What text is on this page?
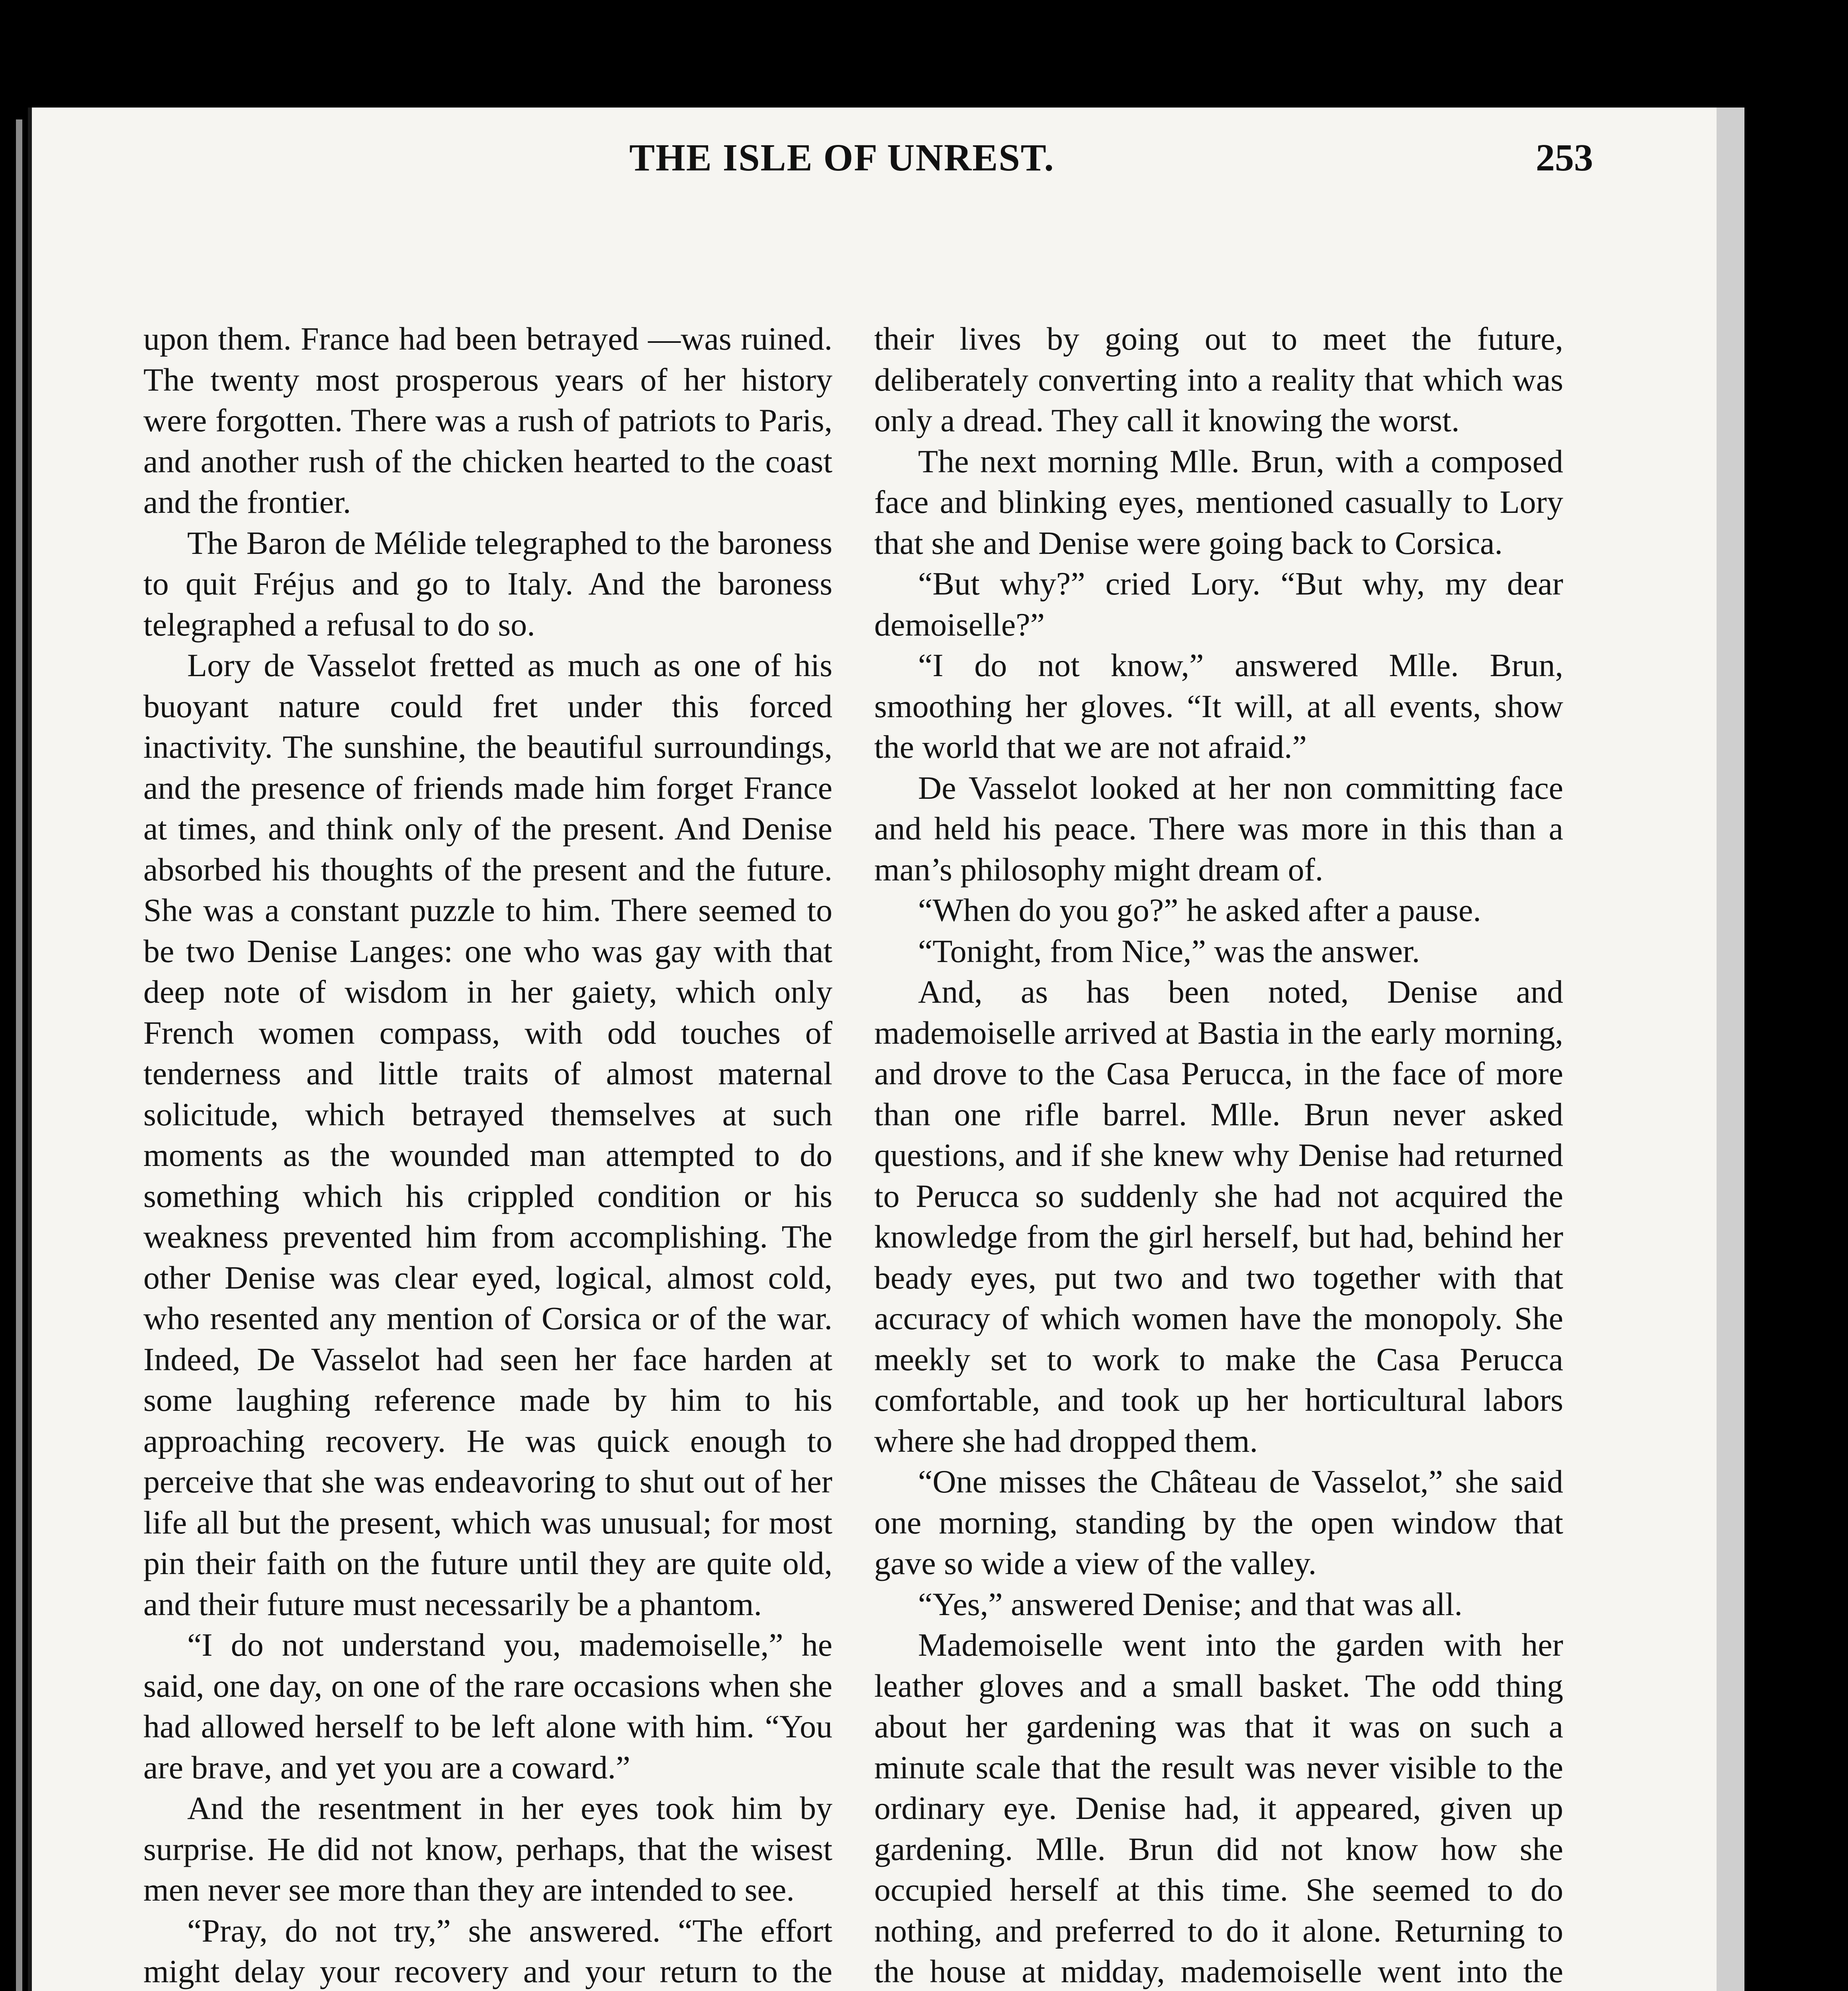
THE ISLE OF UNREST.	253

upon them. France had been betrayed —was ruined. The twenty most prosperous years of her history were forgotten. There was a rush of patriots to Paris, and another rush of the chicken hearted to the coast and the frontier.

The Baron de Mélide telegraphed to the baroness to quit Fréjus and go to Italy. And the baroness telegraphed a refusal to do so.

Lory de Vasselot fretted as much as one of his buoyant nature could fret under this forced inactivity. The sunshine, the beautiful surroundings, and the presence of friends made him forget France at times, and think only of the present. And Denise absorbed his thoughts of the present and the future. She was a constant puzzle to him. There seemed to be two Denise Langes: one who was gay with that deep note of wisdom in her gaiety, which only French women compass, with odd touches of tenderness and little traits of almost maternal solicitude, which betrayed themselves at such moments as the wounded man attempted to do something which his crippled condition or his weakness prevented him from accomplishing. The other Denise was clear eyed, logical, almost cold, who resented any mention of Corsica or of the war. Indeed, De Vasselot had seen her face harden at some laughing reference made by him to his approaching recovery. He was quick enough to perceive that she was endeavoring to shut out of her life all but the present, which was unusual; for most pin their faith on the future until they are quite old, and their future must necessarily be a phantom.

“I do not understand you, mademoiselle,” he said, one day, on one of the rare occasions when she had allowed herself to be left alone with him. “You are brave, and yet you are a coward.”

And the resentment in her eyes took him by surprise. He did not know, perhaps, that the wisest men never see more than they are intended to see.

“Pray, do not try,” she answered. “The effort might delay your recovery and your return to the

their lives by going out to meet the future, deliberately converting into a reality that which was only a dread. They call it knowing the worst.

The next morning Mlle. Brun, with a composed face and blinking eyes, mentioned casually to Lory that she and Denise were going back to Corsica.

“But why?” cried Lory. “But why, my dear demoiselle?”

“I do not know,” answered Mlle. Brun, smoothing her gloves. “It will, at all events, show the world that we are not afraid.”

De Vasselot looked at her non committing face and held his peace. There was more in this than a man’s philosophy might dream of.

“When do you go?” he asked after a pause.

“Tonight, from Nice,” was the answer.

And, as has been noted, Denise and mademoiselle arrived at Bastia in the early morning, and drove to the Casa Perucca, in the face of more than one rifle barrel. Mlle. Brun never asked questions, and if she knew why Denise had returned to Perucca so suddenly she had not acquired the knowledge from the girl herself, but had, behind her beady eyes, put two and two together with that accuracy of which women have the monopoly. She meekly set to work to make the Casa Perucca comfortable, and took up her horticultural labors where she had dropped them.

“One misses the Château de Vasselot,” she said one morning, standing by the open window that gave so wide a view of the valley.

“Yes,” answered Denise; and that was all.

Mademoiselle went into the garden with her leather gloves and a small basket. The odd thing about her gardening was that it was on such a minute scale that the result was never visible to the ordinary eye. Denise had, it appeared, given up gardening. Mlle. Brun did not know how she occupied herself at this time. She seemed to do nothing, and preferred to do it alone. Returning to the house at midday, mademoiselle went into the
